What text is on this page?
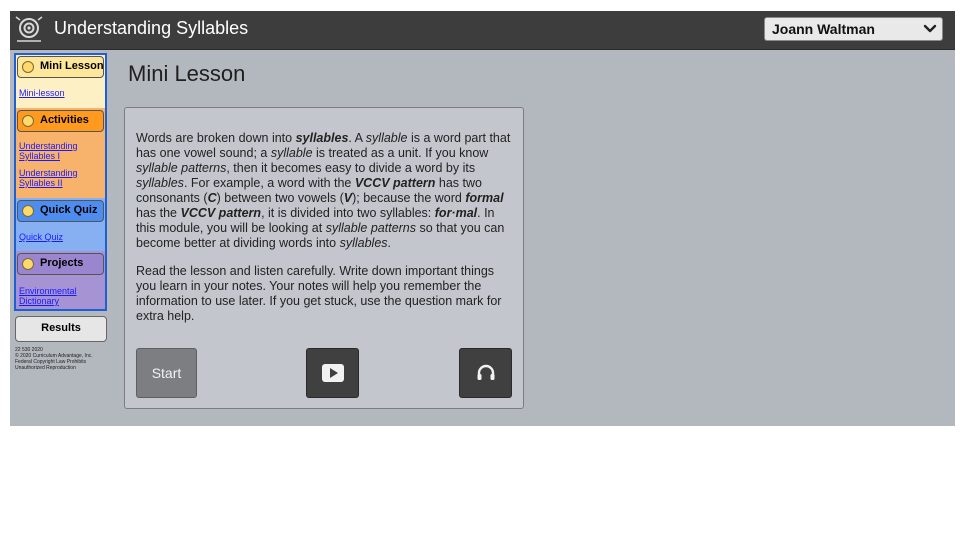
Understanding Syllables	Joann Waltman
Mini Lesson
Mini-lesson
Activities
Understanding Syllables I
Understanding Syllables II
Quick Quiz
Quick Quiz
Projects
Environmental Dictionary
Results
22 530 2020
© 2020 Curriculum Advantage, Inc.
Federal Copyright Law Prohibits
Unauthorized Reproduction
Mini Lesson

Words are broken down into syllables. A syllable is a word part that has one vowel sound; a syllable is treated as a unit. If you know syllable patterns, then it becomes easy to divide a word by its syllables. For example, a word with the VCCV pattern has two consonants (C) between two vowels (V); because the word formal has the VCCV pattern, it is divided into two syllables: for·mal. In this module, you will be looking at syllable patterns so that you can become better at dividing words into syllables.

Read the lesson and listen carefully. Write down important things you learn in your notes. Your notes will help you remember the information to use later. If you get stuck, use the question mark for extra help.

Start
